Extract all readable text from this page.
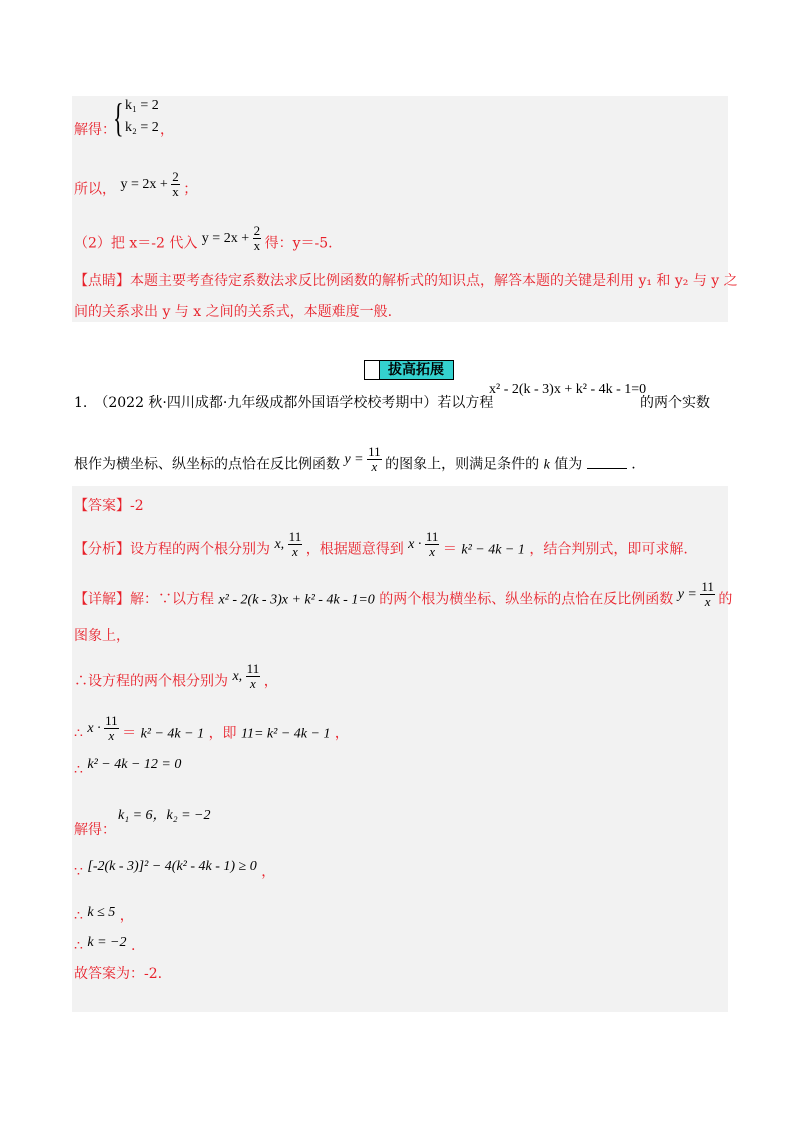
解得：
{ k₁ = 2
k₂ = 2 ，
所以， $y = 2x + \frac{2}{x}$ ；
（2）把 x＝-2 代入 $y = 2x + \frac{2}{x}$ 得：y＝-5.
【点睛】本题主要考查待定系数法求反比例函数的解析式的知识点，解答本题的关键是利用 y₁ 和 y₂ 与 y 之
间的关系求出 y 与 x 之间的关系式，本题难度一般.
拔高拓展
1.　（2022 秋·四川成都·九年级成都外国语学校校考期中）若以方程
x² - 2(k - 3)x + k² - 4k - 1=0
的两个实数
根作为横坐标、纵坐标的点恰在反比例函数 $y = \frac{11}{x}$ 的图象上，则满足条件的 k 值为	.
【答案】-2
【分析】设方程的两个根分别为 x, $\frac{11}{x}$ ，根据题意得到 $x \cdot \frac{11}{x} = k^2 - 4k - 1$ ，结合判别式，即可求解.
【详解】解：∵以方程 x² - 2(k - 3)x + k² - 4k - 1=0 的两个根为横坐标、纵坐标的点恰在反比例函数 $y = \frac{11}{x}$ 的
图象上，
∴设方程的两个根分别为 x, $\frac{11}{x}$ ，
∴ $x \cdot \frac{11}{x} = k^2 - 4k - 1$ ，即 11= k² − 4k − 1 ，
∴ k² − 4k − 12 = 0
k₁ = 6，k₂ = −2
解得：
∵ [-2(k - 3)]² − 4(k² - 4k - 1) ≥ 0 ，
∴ k ≤ 5 ，
∴ k = −2 .
故答案为：-2.
